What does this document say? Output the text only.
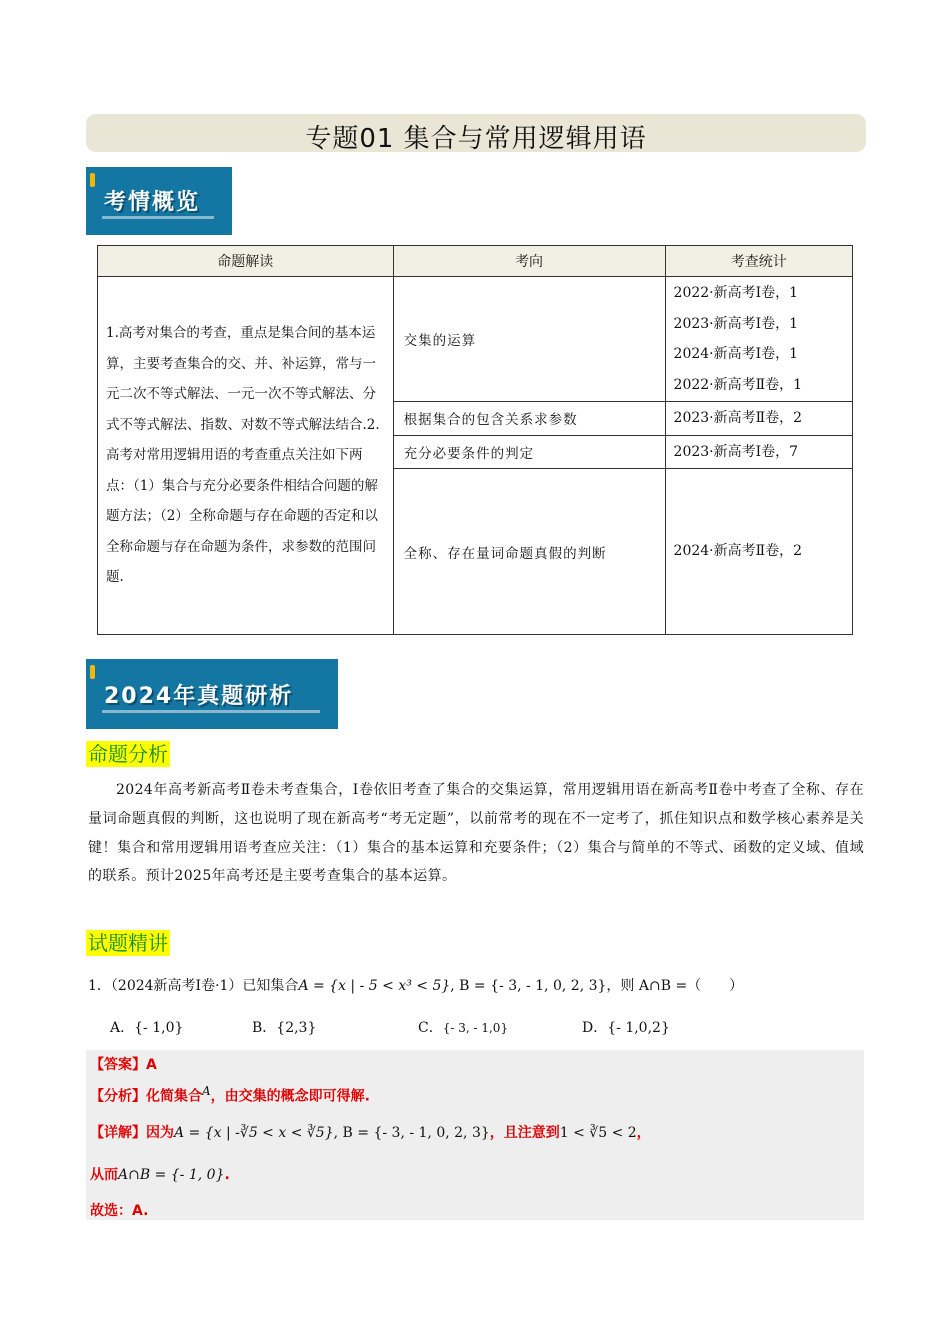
专题01 集合与常用逻辑用语
考情概览
命题解读	考向	考查统计
1.高考对集合的考查，重点是集合间的基本运算，主要考查集合的交、并、补运算，常与一元二次不等式解法、一元一次不等式解法、分式不等式解法、指数、对数不等式解法结合.2.高考对常用逻辑用语的考查重点关注如下两点：（1）集合与充分必要条件相结合问题的解题方法；（2）全称命题与存在命题的否定和以全称命题与存在命题为条件，求参数的范围问题.	交集的运算	2022·新高考Ⅰ卷，1
2023·新高考Ⅰ卷，1
2024·新高考Ⅰ卷，1
2022·新高考Ⅱ卷，1

	根据集合的包含关系求参数	2023·新高考Ⅱ卷，2
	充分必要条件的判定	2023·新高考Ⅰ卷，7
	全称、存在量词命题真假的判断	2024·新高考Ⅱ卷，2
2024年真题研析
命题分析
2024年高考新高考Ⅱ卷未考查集合，Ⅰ卷依旧考查了集合的交集运算，常用逻辑用语在新高考Ⅱ卷中考查了全称、存在量词命题真假的判断，这也说明了现在新高考“考无定题”，以前常考的现在不一定考了，抓住知识点和数学核心素养是关键！集合和常用逻辑用语考查应关注：（1）集合的基本运算和充要条件；（2）集合与简单的不等式、函数的定义域、值域的联系。预计2025年高考还是主要考查集合的基本运算。
试题精讲
1．（2024新高考Ⅰ卷·1）已知集合A = {x | - 5 < x³ < 5}, B = {- 3, - 1, 0, 2, 3}，则 A∩B =（　　）
A．{- 1,0}	B．{2,3}	C．{- 3, - 1,0}	D．{- 1,0,2}
【答案】A
【分析】化简集合A，由交集的概念即可得解.
【详解】因为A = {x | -∛5 < x < ∛5}, B = {- 3, - 1, 0, 2, 3}，且注意到1 < ∛5 < 2，
从而A∩B = {- 1, 0}.
故选：A.
